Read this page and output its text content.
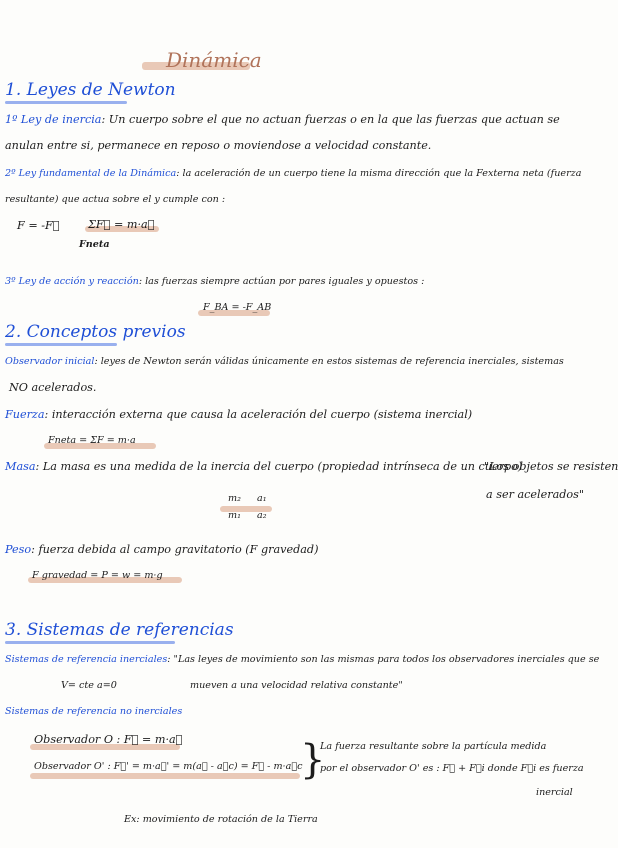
Dinámica
1. Leyes de Newton
1º Ley de inercia: Un cuerpo sobre el que no actuan fuerzas o en la que las fuerzas que actuan se
anulan entre si, permanece en reposo o moviendose a velocidad constante.
2º Ley fundamental de la Dinámica: la aceleración de un cuerpo tiene la misma dirección que la Fexterna neta (fuerza
resultante) que actua sobre el y cumple con :
F = -F⃗	ΣF⃗ = m·a⃗
Fneta
3º Ley de acción y reacción: las fuerzas siempre actúan por pares iguales y opuestos :
F_BA = -F_AB
2. Conceptos previos
Observador inicial: leyes de Newton serán válidas únicamente en estos sistemas de referencia inerciales, sistemas
NO acelerados.
Fuerza: interacción externa que causa la aceleración del cuerpo (sistema inercial)
Fneta = ΣF = m·a
Masa: La masa es una medida de la inercia del cuerpo (propiedad intrínseca de un cuerpo)
"Los objetos se resisten
a ser acelerados"
m₂ a₁
m₁ a₂
Peso: fuerza debida al campo gravitatorio (F gravedad)
F gravedad = P = w = m·g
3. Sistemas de referencias
Sistemas de referencia inerciales: "Las leyes de movimiento son las mismas para todos los observadores inerciales que se
V= cte a=0	mueven a una velocidad relativa constante"
Sistemas de referencia no inerciales
Observador O : F⃗ = m·a⃗
Observador O' : F⃗' = m·a⃗' = m(a⃗ - a⃗c) = F⃗ - m·a⃗c
}
La fuerza resultante sobre la partícula medida
por el observador O' es : F⃗ + F⃗i donde F⃗i es fuerza
inercial
Ex: movimiento de rotación de la Tierra
